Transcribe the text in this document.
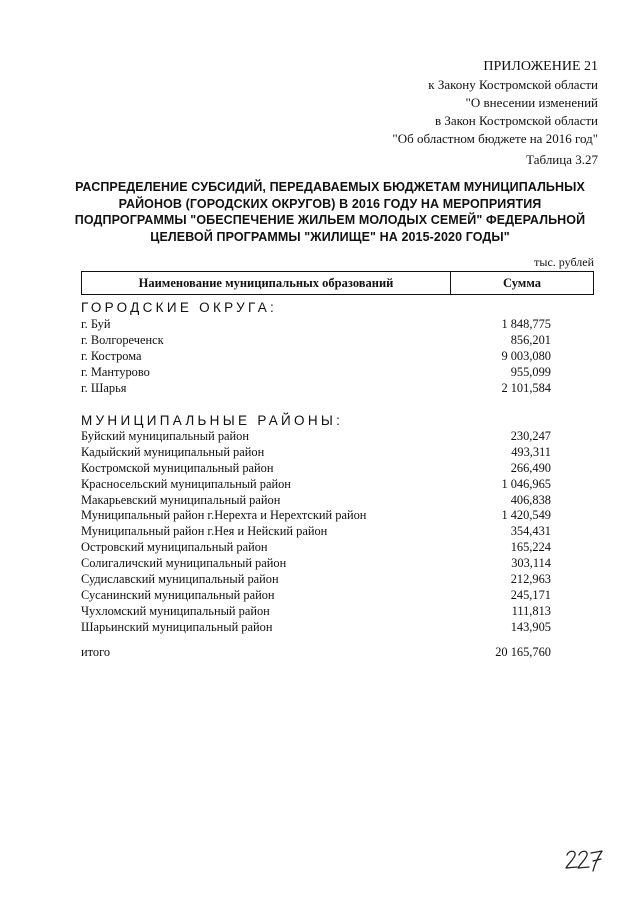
ПРИЛОЖЕНИЕ 21
к Закону Костромской области
"О внесении изменений
в Закон Костромской области
"Об областном бюджете на 2016 год"
Таблица 3.27
РАСПРЕДЕЛЕНИЕ СУБСИДИЙ, ПЕРЕДАВАЕМЫХ БЮДЖЕТАМ МУНИЦИПАЛЬНЫХ
РАЙОНОВ (ГОРОДСКИХ ОКРУГОВ) В 2016 ГОДУ НА МЕРОПРИЯТИЯ
ПОДПРОГРАММЫ "ОБЕСПЕЧЕНИЕ ЖИЛЬЕМ МОЛОДЫХ СЕМЕЙ" ФЕДЕРАЛЬНОЙ
ЦЕЛЕВОЙ ПРОГРАММЫ "ЖИЛИЩЕ" НА 2015-2020 ГОДЫ"
тыс. рублей
Наименование муниципальных образований	Сумма
ГОРОДСКИЕ ОКРУГА:
г. Буй	1 848,775
г. Волгореченск	856,201
г. Кострома	9 003,080
г. Мантурово	955,099
г. Шарья	2 101,584
МУНИЦИПАЛЬНЫЕ РАЙОНЫ:
Буйский муниципальный район	230,247
Кадыйский муниципальный район	493,311
Костромской муниципальный район	266,490
Красносельский муниципальный район	1 046,965
Макарьевский муниципальный район	406,838
Муниципальный район г.Нерехта и Нерехтский район	1 420,549
Муниципальный район г.Нея и Нейский район	354,431
Островский муниципальный район	165,224
Солигаличский муниципальный район	303,114
Судиславский муниципальный район	212,963
Сусанинский муниципальный район	245,171
Чухломский муниципальный район	111,813
Шарьинский муниципальный район	143,905
итого	20 165,760
